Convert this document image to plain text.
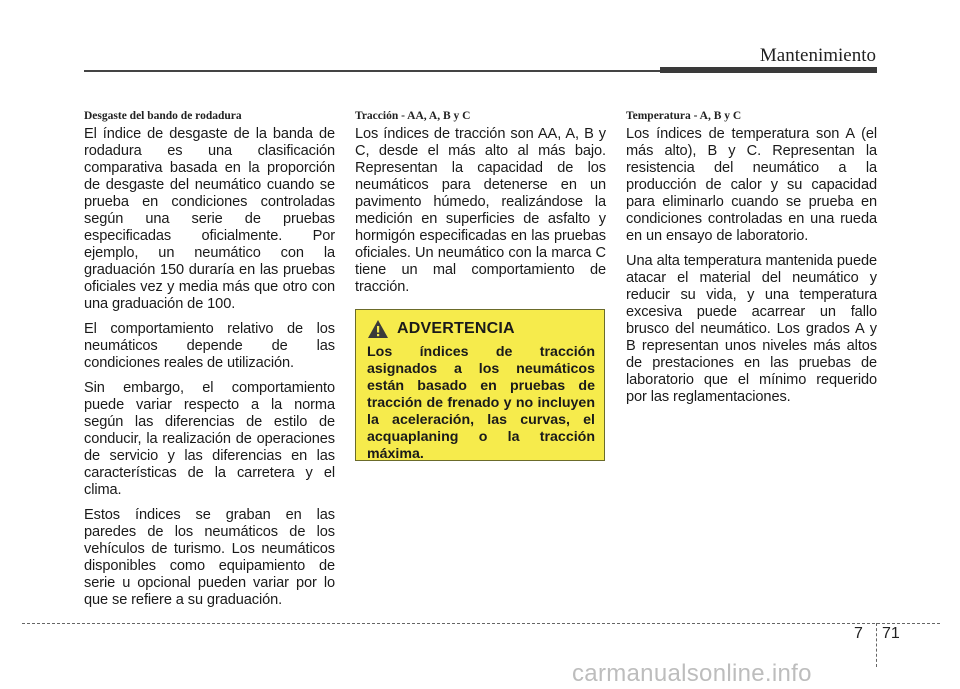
Mantenimiento
Desgaste del bando de rodadura

El índice de desgaste de la banda de rodadura es una clasificación comparativa basada en la proporción de desgaste del neumático cuando se prueba en condiciones controladas según una serie de pruebas especificadas oficialmente. Por ejemplo, un neumático con la graduación 150 duraría en las pruebas oficiales vez y media más que otro con una graduación de 100.

El comportamiento relativo de los neumáticos depende de las condiciones reales de utilización.

Sin embargo, el comportamiento puede variar respecto a la norma según las diferencias de estilo de conducir, la realización de operaciones de servicio y las diferencias en las características de la carretera y el clima.

Estos índices se graban en las paredes de los neumáticos de los vehículos de turismo. Los neumáticos disponibles como equipamiento de serie u opcional pueden variar por lo que se refiere a su graduación.

Tracción - AA, A, B y C

Los índices de tracción son AA, A, B y C, desde el más alto al más bajo. Representan la capacidad de los neumáticos para detenerse en un pavimento húmedo, realizándose la medición en superficies de asfalto y hormigón especificadas en las pruebas oficiales. Un neumático con la marca C tiene un mal comportamiento de tracción.

ADVERTENCIA

Los índices de tracción asignados a los neumáticos están basado en pruebas de tracción de frenado y no incluyen la aceleración, las curvas, el acquaplaning o la tracción máxima.

Temperatura - A, B y C

Los índices de temperatura son A (el más alto), B y C. Representan la resistencia del neumático a la producción de calor y su capacidad para eliminarlo cuando se prueba en condiciones controladas en una rueda en un ensayo de laboratorio.

Una alta temperatura mantenida puede atacar el material del neumático y reducir su vida, y una temperatura excesiva puede acarrear un fallo brusco del neumático. Los grados A y B representan unos niveles más altos de prestaciones en las pruebas de laboratorio que el mínimo requerido por las reglamentaciones.

7 71
carmanualsonline.info
